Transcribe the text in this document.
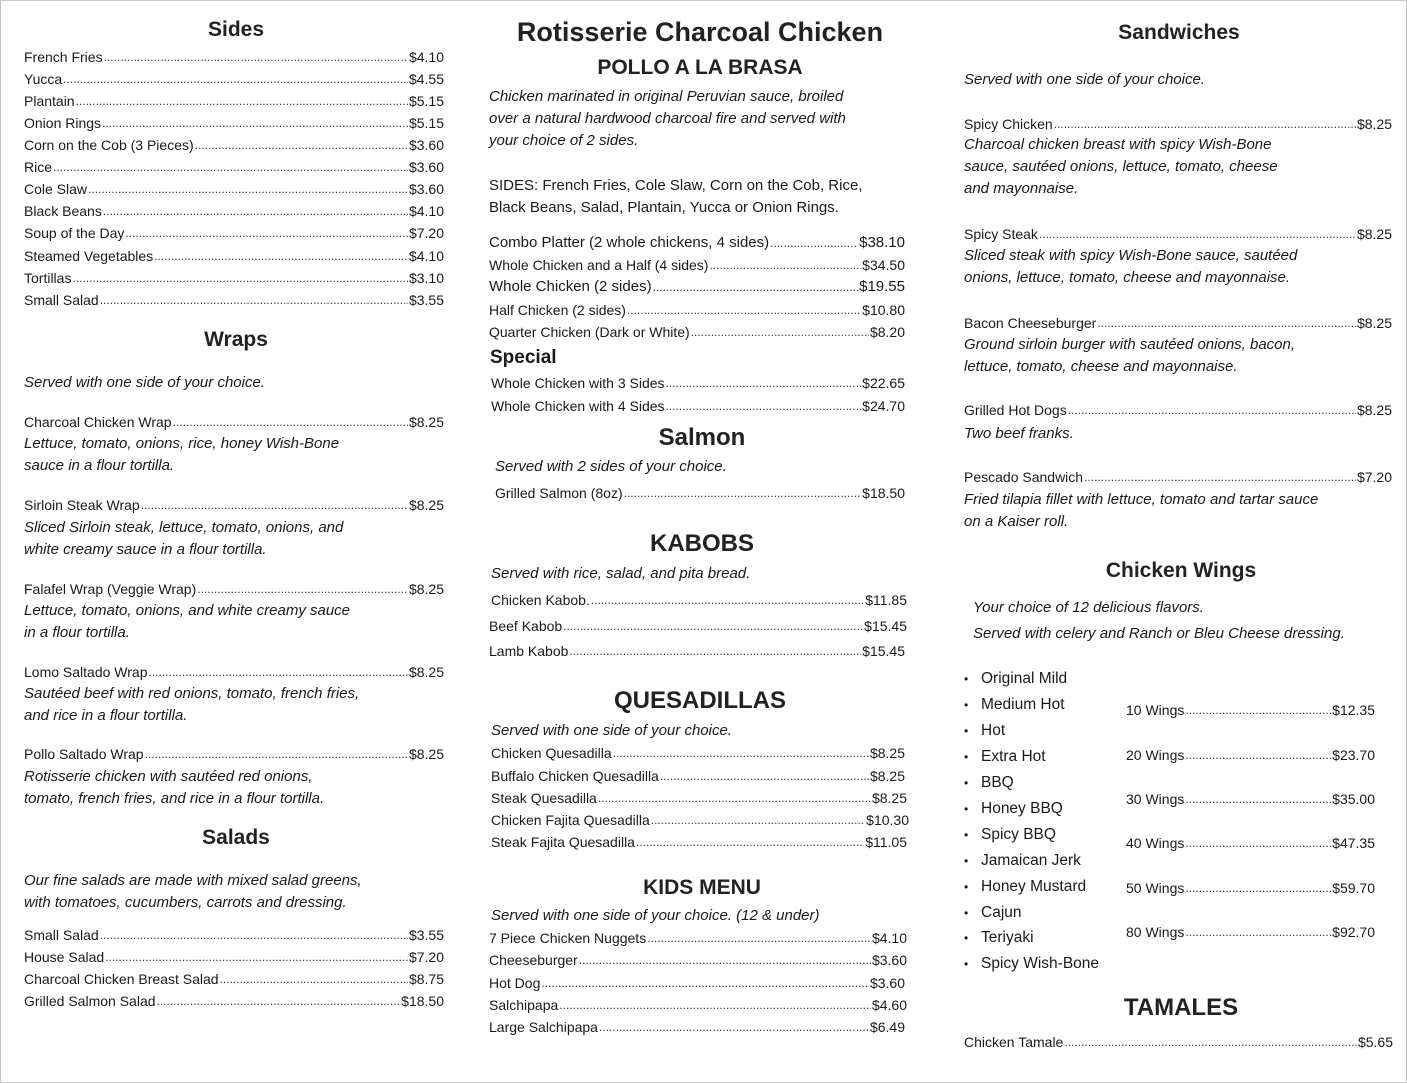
Sides
French Fries .....	$4.10
Yucca .....	$4.55
Plantain .....	$5.15
Onion Rings .....	$5.15
Corn on the Cob (3 Pieces) .....	$3.60
Rice .....	$3.60
Cole Slaw .....	$3.60
Black Beans .....	$4.10
Soup of the Day .....	$7.20
Steamed Vegetables .....	$4.10
Tortillas .....	$3.10
Small Salad .....	$3.55
Wraps
Served with one side of your choice.
Charcoal Chicken Wrap .....	$8.25
Lettuce, tomato, onions, rice, honey Wish-Bone
sauce in a flour tortilla.
Sirloin Steak Wrap .....	$8.25
Sliced Sirloin steak, lettuce, tomato, onions, and
white creamy sauce in a flour tortilla.
Falafel Wrap (Veggie Wrap) .....	$8.25
Lettuce, tomato, onions, and white creamy sauce
in a flour tortilla.
Lomo Saltado Wrap .....	$8.25
Sautéed beef with red onions, tomato, french fries,
and rice in a flour tortilla.
Pollo Saltado Wrap .....	$8.25
Rotisserie chicken with sautéed red onions,
tomato, french fries, and rice in a flour tortilla.
Salads
Our fine salads are made with mixed salad greens,
with tomatoes, cucumbers, carrots and dressing.
Small Salad .....	$3.55
House Salad .....	$7.20
Charcoal Chicken Breast Salad .....	$8.75
Grilled Salmon Salad .....	$18.50
Rotisserie Charcoal Chicken
POLLO A LA BRASA
Chicken marinated in original Peruvian sauce, broiled
over a natural hardwood charcoal fire and served with
your choice of 2 sides.
SIDES: French Fries, Cole Slaw, Corn on the Cob, Rice,
Black Beans, Salad, Plantain, Yucca or Onion Rings.
Combo Platter (2 whole chickens, 4 sides) .....	$38.10
Whole Chicken and a Half (4 sides) .....	$34.50
Whole Chicken (2 sides) .....	$19.55
Half Chicken (2 sides) .....	$10.80
Quarter Chicken (Dark or White) .....	$8.20
Special
Whole Chicken with 3 Sides .....	$22.65
Whole Chicken with 4 Sides .....	$24.70
Salmon
Served with 2 sides of your choice.
Grilled Salmon (8oz) .....	$18.50
KABOBS
Served with rice, salad, and pita bread.
Chicken Kabob. .....	$11.85
Beef Kabob .....	$15.45
Lamb Kabob .....	$15.45
QUESADILLAS
Served with one side of your choice.
Chicken Quesadilla .....	$8.25
Buffalo Chicken Quesadilla .....	$8.25
Steak Quesadilla .....	$8.25
Chicken Fajita Quesadilla .....	$10.30
Steak Fajita Quesadilla .....	$11.05
KIDS MENU
Served with one side of your choice. (12 & under)
7 Piece Chicken Nuggets .....	$4.10
Cheeseburger .....	$3.60
Hot Dog .....	$3.60
Salchipapa .....	$4.60
Large Salchipapa .....	$6.49
Sandwiches
Served with one side of your choice.
Spicy Chicken .....	$8.25
Charcoal chicken breast with spicy Wish-Bone
sauce, sautéed onions, lettuce, tomato, cheese
and mayonnaise.
Spicy Steak .....	$8.25
Sliced steak with spicy Wish-Bone sauce, sautéed
onions, lettuce, tomato, cheese and mayonnaise.
Bacon Cheeseburger .....	$8.25
Ground sirloin burger with sautéed onions, bacon,
lettuce, tomato, cheese and mayonnaise.
Grilled Hot Dogs .....	$8.25
Two beef franks.
Pescado Sandwich .....	$7.20
Fried tilapia fillet with lettuce, tomato and tartar sauce
on a Kaiser roll.
Chicken Wings
Your choice of 12 delicious flavors.
Served with celery and Ranch or Bleu Cheese dressing.
• Original Mild
• Medium Hot
• Hot
• Extra Hot
• BBQ
• Honey BBQ
• Spicy BBQ
• Jamaican Jerk
• Honey Mustard
• Cajun
• Teriyaki
• Spicy Wish-Bone
10 Wings .....	$12.35
20 Wings .....	$23.70
30 Wings .....	$35.00
40 Wings .....	$47.35
50 Wings .....	$59.70
80 Wings .....	$92.70
TAMALES
Chicken Tamale .....	$5.65
